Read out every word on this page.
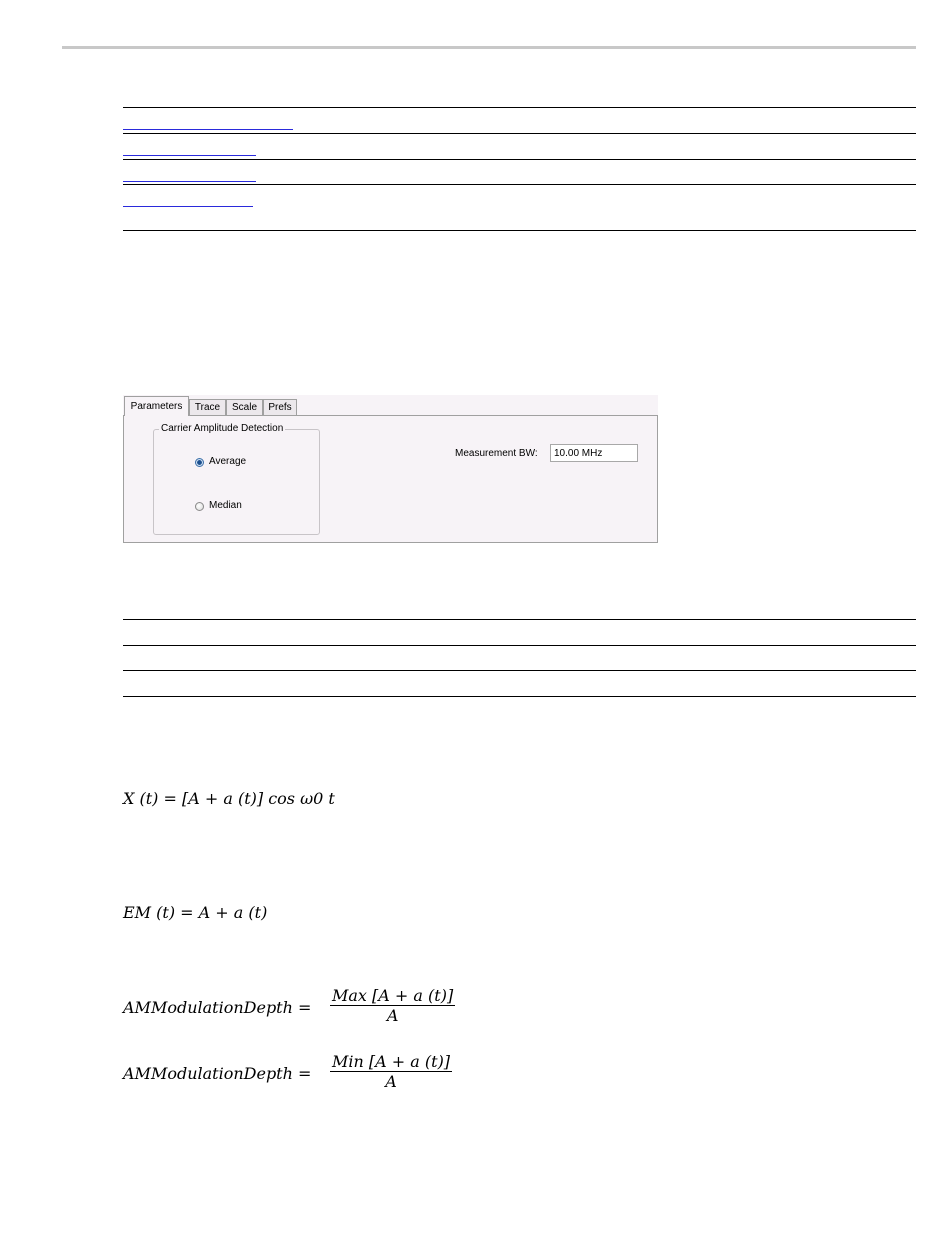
Parameters	Trace	Scale	Prefs
Carrier Amplitude Detection
Average
Median
Measurement BW:
10.00 MHz
X (t) = [A + a (t)] cos ω0 t
EM (t) = A + a (t)
AMModulationDepth =
Max [A + a (t)]
A
AMModulationDepth =
Min [A + a (t)]
A
